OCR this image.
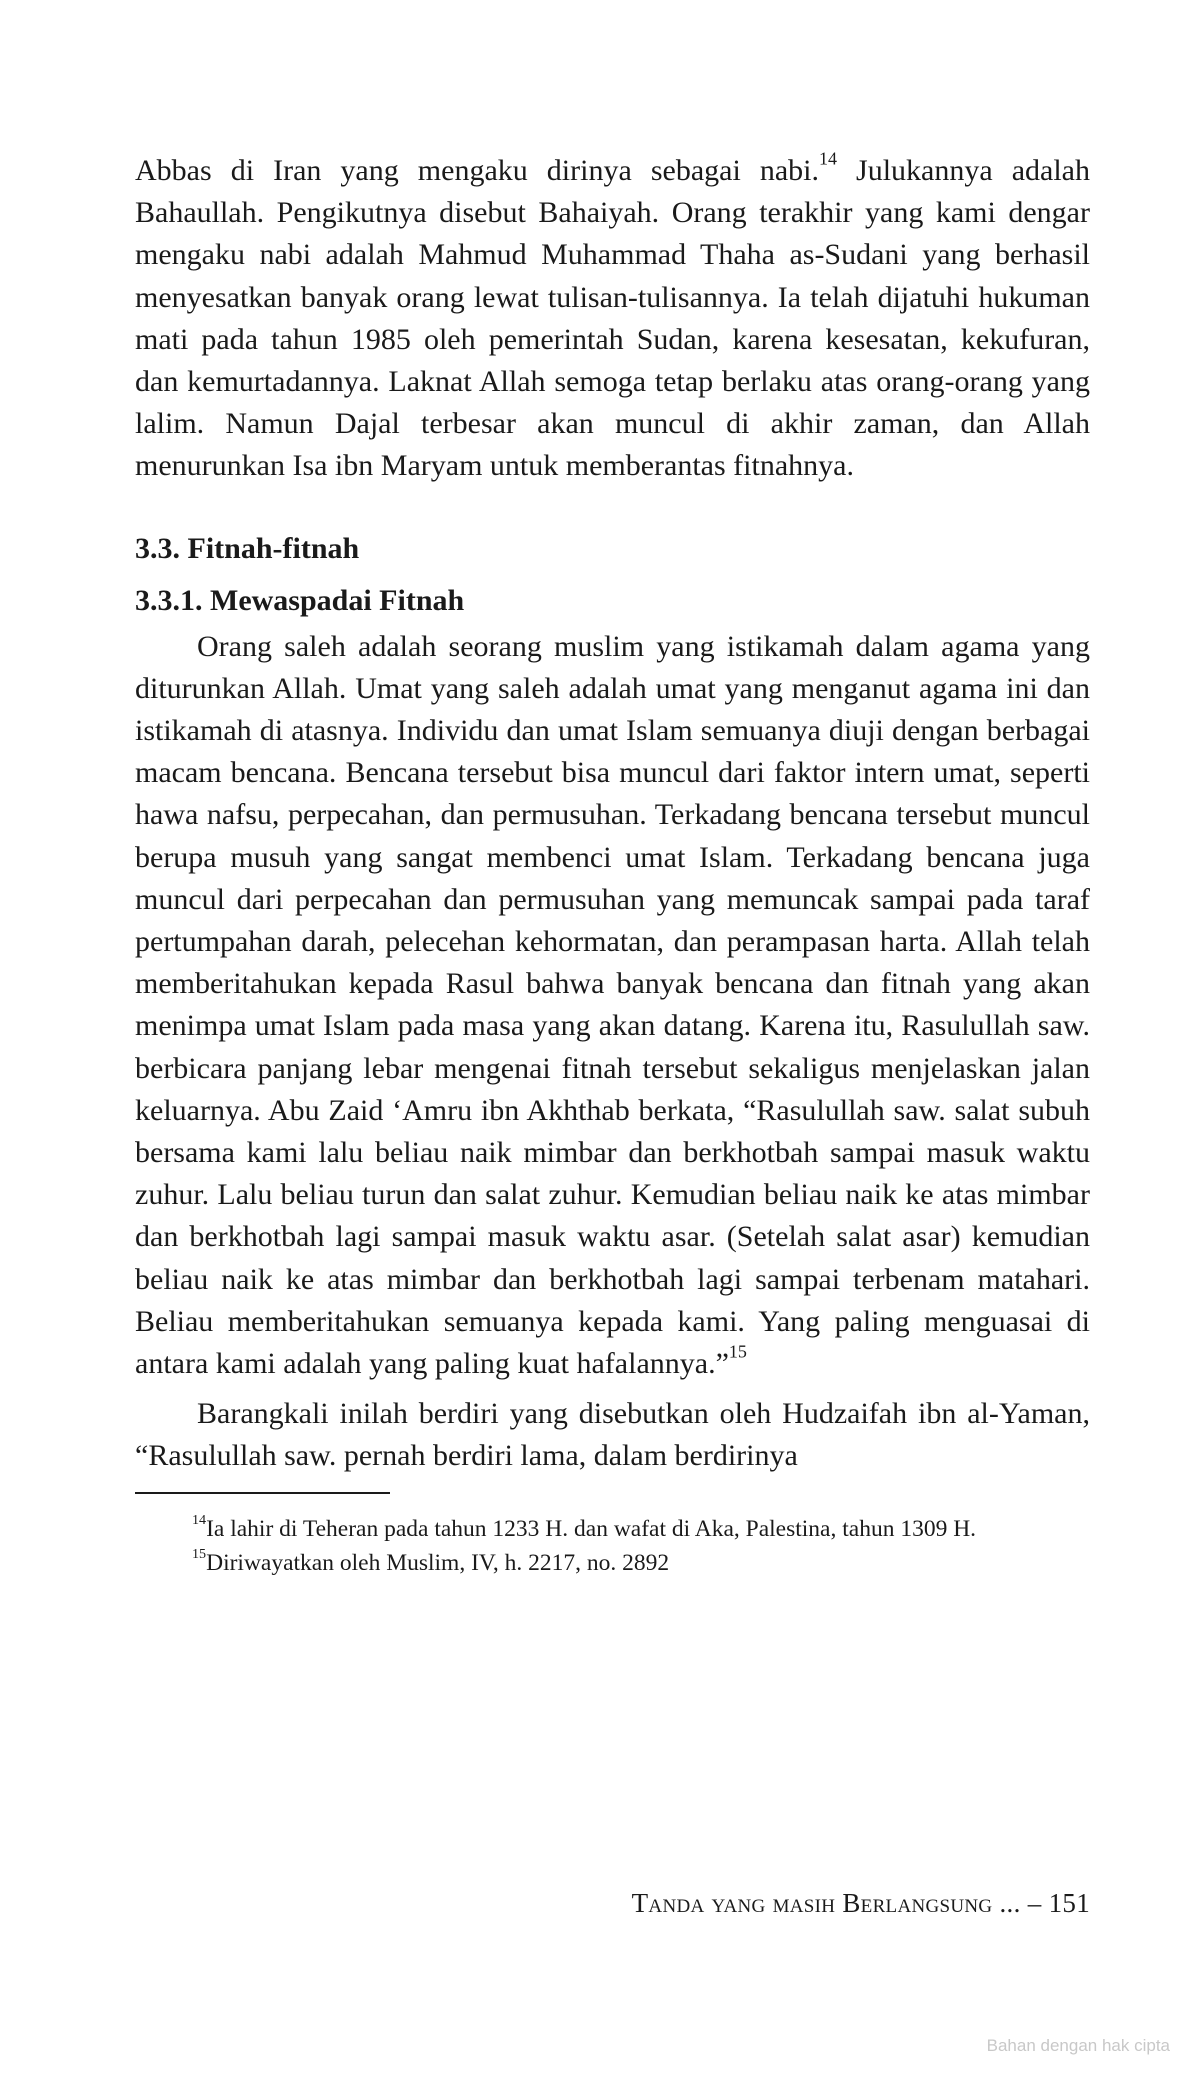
Abbas di Iran yang mengaku dirinya sebagai nabi.$^{14}$ Julukannya adalah Bahaullah. Pengikutnya disebut Bahaiyah. Orang terakhir yang kami dengar mengaku nabi adalah Mahmud Muhammad Thaha as-Sudani yang berhasil menyesatkan banyak orang lewat tulisan-tulisannya. Ia telah dijatuhi hukuman mati pada tahun 1985 oleh pemerintah Sudan, karena kesesatan, kekufuran, dan kemurtadannya. Laknat Allah semoga tetap berlaku atas orang-orang yang lalim. Namun Dajal terbesar akan muncul di akhir zaman, dan Allah menurunkan Isa ibn Maryam untuk memberantas fitnahnya.

3.3. Fitnah-fitnah
3.3.1. Mewaspadai Fitnah

Orang saleh adalah seorang muslim yang istikamah dalam agama yang diturunkan Allah. Umat yang saleh adalah umat yang menganut agama ini dan istikamah di atasnya. Individu dan umat Islam semuanya diuji dengan berbagai macam bencana. Bencana tersebut bisa muncul dari faktor intern umat, seperti hawa nafsu, perpecahan, dan permusuhan. Terkadang bencana tersebut muncul berupa musuh yang sangat membenci umat Islam. Terkadang bencana juga muncul dari perpecahan dan permusuhan yang memuncak sampai pada taraf pertumpahan darah, pelecehan kehormatan, dan perampasan harta. Allah telah memberitahukan kepada Rasul bahwa banyak bencana dan fitnah yang akan menimpa umat Islam pada masa yang akan datang. Karena itu, Rasulullah saw. berbicara panjang lebar mengenai fitnah tersebut sekaligus menjelaskan jalan keluarnya. Abu Zaid ‘Amru ibn Akhthab berkata, “Rasulullah saw. salat subuh bersama kami lalu beliau naik mimbar dan berkhotbah sampai masuk waktu zuhur. Lalu beliau turun dan salat zuhur. Kemudian beliau naik ke atas mimbar dan berkhotbah lagi sampai masuk waktu asar. (Setelah salat asar) kemudian beliau naik ke atas mimbar dan berkhotbah lagi sampai terbenam matahari. Beliau memberitahukan semuanya kepada kami. Yang paling menguasai di antara kami adalah yang paling kuat hafalannya.”$^{15}$

Barangkali inilah berdiri yang disebutkan oleh Hudzaifah ibn al-Yaman, “Rasulullah saw. pernah berdiri lama, dalam berdirinya

$^{14}$Ia lahir di Teheran pada tahun 1233 H. dan wafat di Aka, Palestina, tahun 1309 H.

$^{15}$Diriwayatkan oleh Muslim, IV, h. 2217, no. 2892

Tanda yang masih Berlangsung ... – 151
Bahan dengan hak cipta
